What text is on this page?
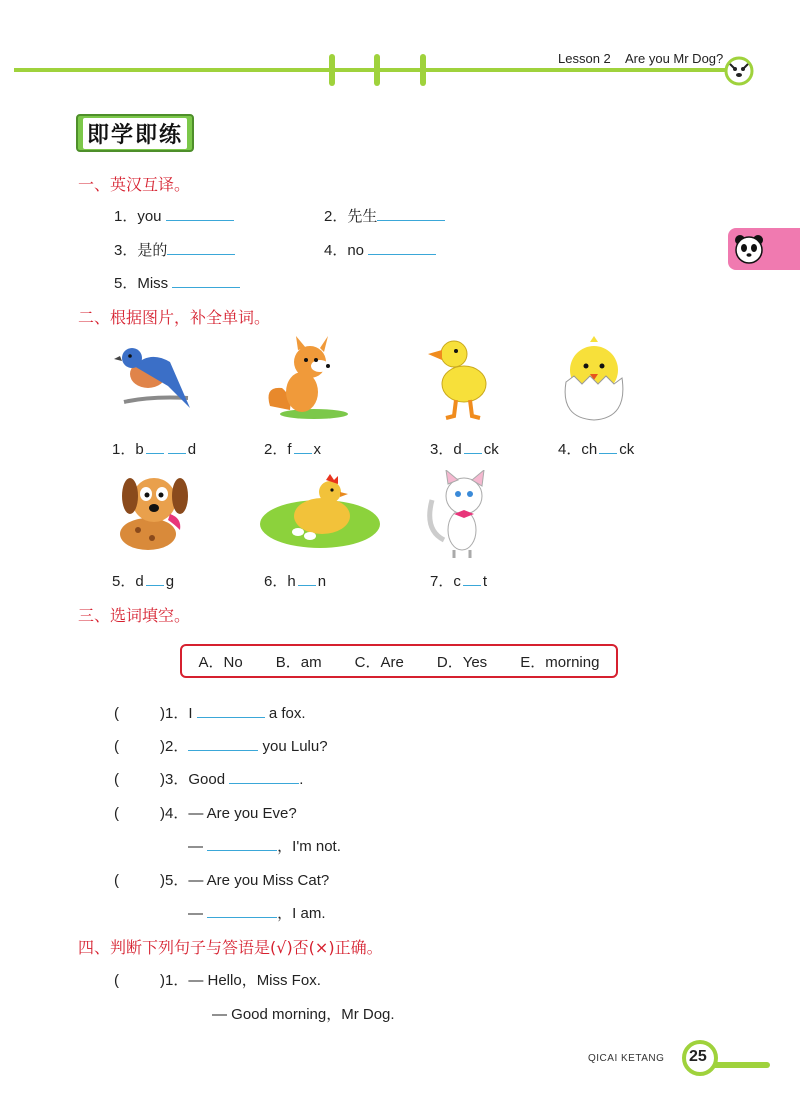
Lesson 2 Are you Mr Dog?
即学即练
一、英汉互译。
1．you	2．先生
3．是的	4．no
5．Miss
二、根据图片，补全单词。
1．b	d	2．f x	3．d ck	4．ch ck
5．d g	6．h n	7．c t
三、选词填空。
A．No B．am C．Are D．Yes E．morning
(	)1．I	a fox.
(	)2．	you Lulu?
(	)3．Good	.
(	)4．— Are you Eve?
—	，I'm not.
(	)5．— Are you Miss Cat?
—	，I am.
四、判断下列句子与答语是(√)否(×)正确。
(	)1．— Hello，Miss Fox.
— Good morning，Mr Dog.
QICAI KETANG 25
